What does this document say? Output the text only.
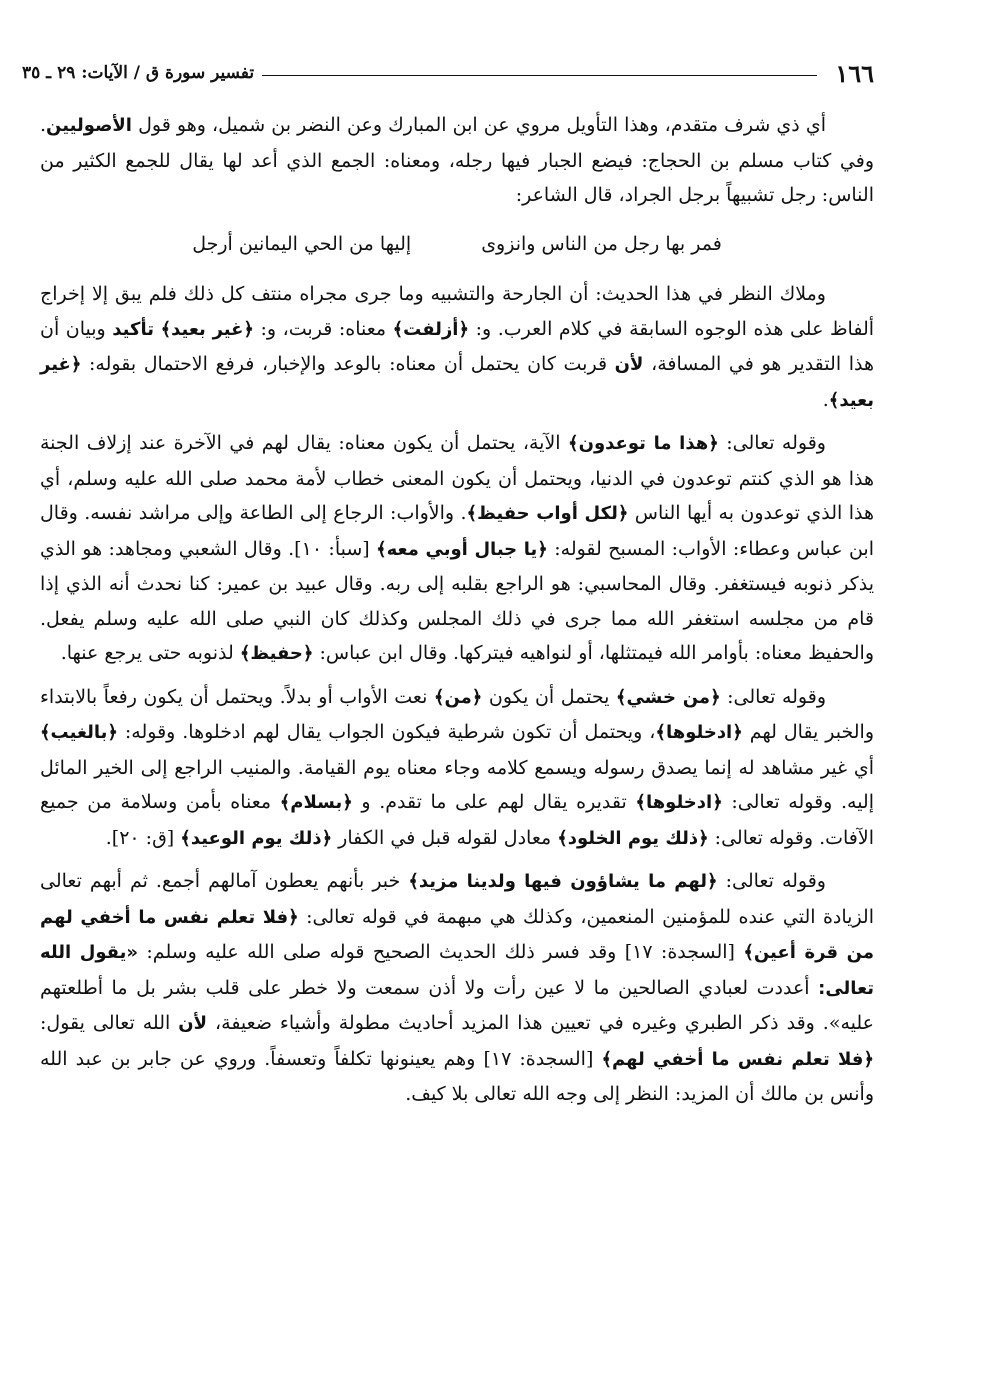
١٦٦
تفسير سورة ق / الآيات: ٢٩ ـ ٣٥

أي ذي شرف متقدم، وهذا التأويل مروي عن ابن المبارك وعن النضر بن شميل، وهو قول الأصوليين. وفي كتاب مسلم بن الحجاج: فيضع الجبار فيها رجله، ومعناه: الجمع الذي أعد لها يقال للجمع الكثير من الناس: رجل تشبيهاً برجل الجراد، قال الشاعر:

فمر بها رجل من الناس وانزوى
إليها من الحي اليمانين أرجل

وملاك النظر في هذا الحديث: أن الجارحة والتشبيه وما جرى مجراه منتف كل ذلك فلم يبق إلا إخراج ألفاظ على هذه الوجوه السابقة في كلام العرب. و: ﴿أزلفت﴾ معناه: قربت، و: ﴿غير بعيد﴾ تأكيد وبيان أن هذا التقدير هو في المسافة، لأن قربت كان يحتمل أن معناه: بالوعد والإخبار، فرفع الاحتمال بقوله: ﴿غير بعيد﴾.

وقوله تعالى: ﴿هذا ما توعدون﴾ الآية، يحتمل أن يكون معناه: يقال لهم في الآخرة عند إزلاف الجنة هذا هو الذي كنتم توعدون في الدنيا، ويحتمل أن يكون المعنى خطاب لأمة محمد صلى الله عليه وسلم، أي هذا الذي توعدون به أيها الناس ﴿لكل أواب حفيظ﴾. والأواب: الرجاع إلى الطاعة وإلى مراشد نفسه. وقال ابن عباس وعطاء: الأواب: المسبح لقوله: ﴿يا جبال أوبي معه﴾ [سبأ: ١٠]. وقال الشعبي ومجاهد: هو الذي يذكر ذنوبه فيستغفر. وقال المحاسبي: هو الراجع بقلبه إلى ربه. وقال عبيد بن عمير: كنا نحدث أنه الذي إذا قام من مجلسه استغفر الله مما جرى في ذلك المجلس وكذلك كان النبي صلى الله عليه وسلم يفعل. والحفيظ معناه: بأوامر الله فيمتثلها، أو لنواهيه فيتركها. وقال ابن عباس: ﴿حفيظ﴾ لذنوبه حتى يرجع عنها.

وقوله تعالى: ﴿من خشي﴾ يحتمل أن يكون ﴿من﴾ نعت الأواب أو بدلاً. ويحتمل أن يكون رفعاً بالابتداء والخبر يقال لهم ﴿ادخلوها﴾، ويحتمل أن تكون شرطية فيكون الجواب يقال لهم ادخلوها. وقوله: ﴿بالغيب﴾ أي غير مشاهد له إنما يصدق رسوله ويسمع كلامه وجاء معناه يوم القيامة. والمنيب الراجع إلى الخير المائل إليه. وقوله تعالى: ﴿ادخلوها﴾ تقديره يقال لهم على ما تقدم. و ﴿بسلام﴾ معناه بأمن وسلامة من جميع الآفات. وقوله تعالى: ﴿ذلك يوم الخلود﴾ معادل لقوله قبل في الكفار ﴿ذلك يوم الوعيد﴾ [ق: ٢٠].

وقوله تعالى: ﴿لهم ما يشاؤون فيها ولدينا مزيد﴾ خبر بأنهم يعطون آمالهم أجمع. ثم أبهم تعالى الزيادة التي عنده للمؤمنين المنعمين، وكذلك هي مبهمة في قوله تعالى: ﴿فلا تعلم نفس ما أخفي لهم من قرة أعين﴾ [السجدة: ١٧] وقد فسر ذلك الحديث الصحيح قوله صلى الله عليه وسلم: «يقول الله تعالى: أعددت لعبادي الصالحين ما لا عين رأت ولا أذن سمعت ولا خطر على قلب بشر بل ما أطلعتهم عليه». وقد ذكر الطبري وغيره في تعيين هذا المزيد أحاديث مطولة وأشياء ضعيفة، لأن الله تعالى يقول: ﴿فلا تعلم نفس ما أخفي لهم﴾ [السجدة: ١٧] وهم يعينونها تكلفاً وتعسفاً. وروي عن جابر بن عبد الله وأنس بن مالك أن المزيد: النظر إلى وجه الله تعالى بلا كيف.
